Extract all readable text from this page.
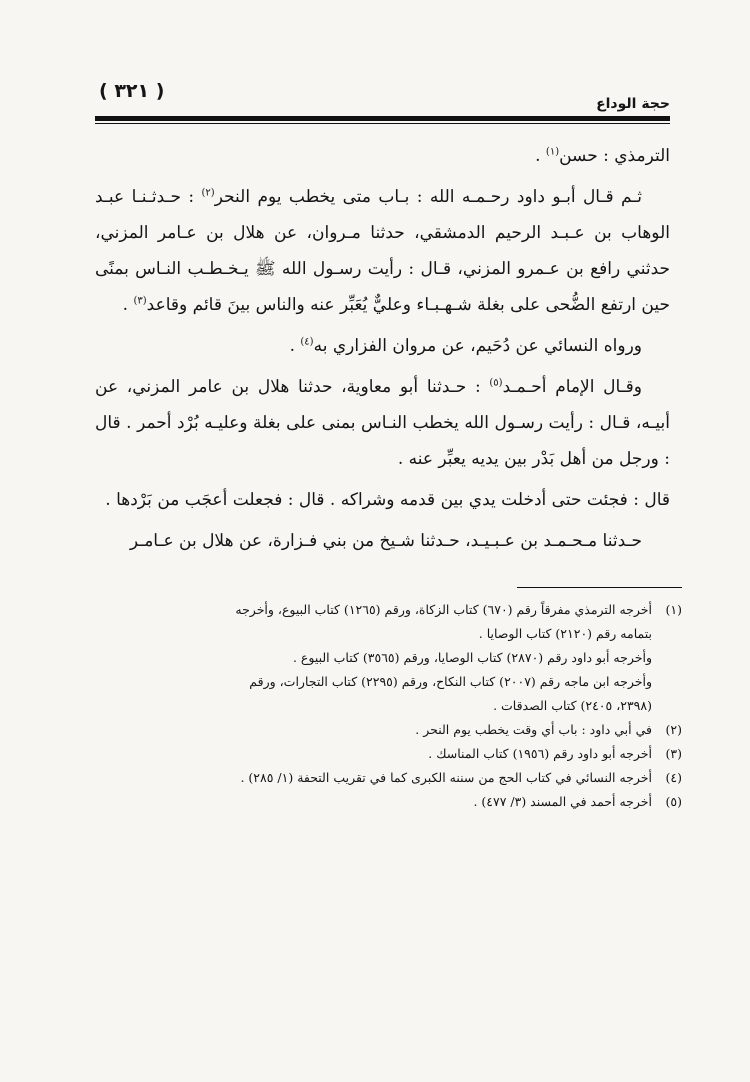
حجة الوداع
( ٣٢١ )

الترمذي : حسن$^{(١)}$ .

ثـم قـال أبـو داود رحـمـه الله : بـاب متى يخطب يوم النحر$^{(٢)}$ : حـدثـنـا عبـد الوهاب بن عـبـد الرحيم الدمشقي، حدثنا مـروان، عن هلال بن عـامر المزني، حدثني رافع بن عـمرو المزني، قـال : رأيت رسـول الله ﷺ يـخـطـب النـاس بمنًى حين ارتفع الضُّحى على بغلة شـهـبـاء وعليٌّ يُعَبِّر عنه والناس بينَ قائم وقاعد$^{(٣)}$ .

ورواه النسائي عن دُحَيم، عن مروان الفزاري به$^{(٤)}$ .

وقـال الإمام أحـمـد$^{(٥)}$ : حـدثنا أبو معاوية، حدثنا هلال بن عامر المزني، عن أبيـه، قـال : رأيت رسـول الله يخطب النـاس بمنى على بغلة وعليـه بُرْد أحمر . قال : ورجل من أهل بَدْر بين يديه يعبِّر عنه .

قال : فجئت حتى أدخلت يدي بين قدمه وشراكه . قال : فجعلت أعجَب من بَرْدها .

حـدثنا مـحـمـد بن عـبـيـد، حـدثنا شـيخ من بني فـزارة، عن هلال بن عـامـر

(١)
أخرجه الترمذي مفرقاً رقم (٦٧٠) كتاب الزكاة، ورقم (١٢٦٥) كتاب البيوع، وأخرجه
بتمامه رقم (٢١٢٠) كتاب الوصايا .
وأخرجه أبو داود رقم (٢٨٧٠) كتاب الوصايا، ورقم (٣٥٦٥) كتاب البيوع .
وأخرجه ابن ماجه رقم (٢٠٠٧) كتاب النكاح، ورقم (٢٢٩٥) كتاب التجارات، ورقم
(٢٣٩٨، ٢٤٠٥) كتاب الصدقات .
(٢)
في أبي داود : باب أي وقت يخطب يوم النحر .
(٣)
أخرجه أبو داود رقم (١٩٥٦) كتاب المناسك .
(٤)
أخرجه النسائي في كتاب الحج من سننه الكبرى كما في تقريب التحفة (١/ ٢٨٥) .
(٥)
أخرجه أحمد في المسند (٣/ ٤٧٧) .
